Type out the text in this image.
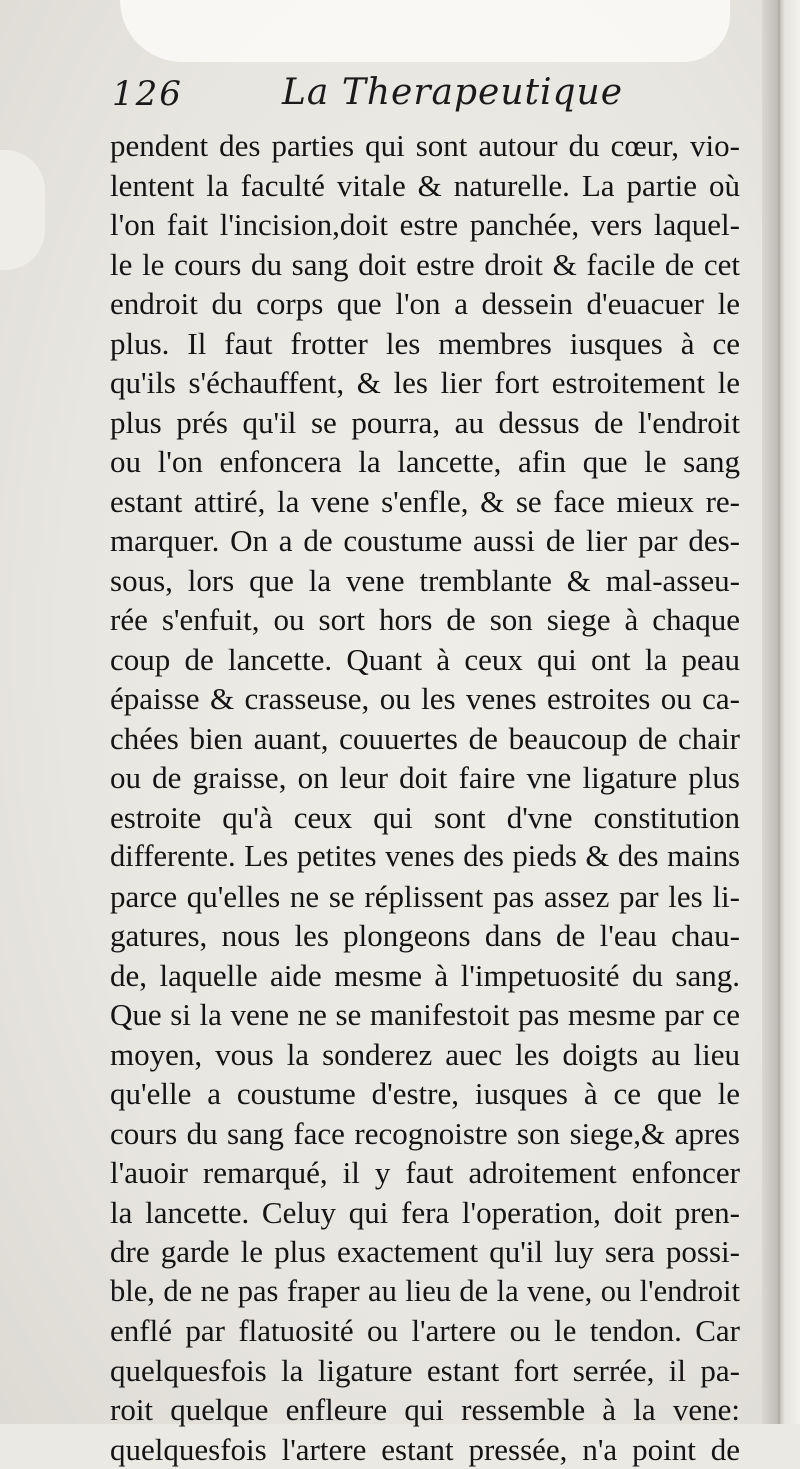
126	La Therapeutique
pendent des parties qui sont autour du cœur, vio-
lentent la faculté vitale & naturelle. La partie où
l'on fait l'incision,doit estre panchée, vers laquel-
le le cours du sang doit estre droit & facile de cet
endroit du corps que l'on a dessein d'euacuer le
plus. Il faut frotter les membres iusques à ce
qu'ils s'échauffent, & les lier fort estroitement le
plus prés qu'il se pourra, au dessus de l'endroit
ou l'on enfoncera la lancette, afin que le sang
estant attiré, la vene s'enfle, & se face mieux re-
marquer. On a de coustume aussi de lier par des-
sous, lors que la vene tremblante & mal-asseu-
rée s'enfuit, ou sort hors de son siege à chaque
coup de lancette. Quant à ceux qui ont la peau
épaisse & crasseuse, ou les venes estroites ou ca-
chées bien auant, couuertes de beaucoup de chair
ou de graisse, on leur doit faire vne ligature plus
estroite qu'à ceux qui sont d'vne constitution
differente. Les petites venes des pieds & des mains
parce qu'elles ne se réplissent pas assez par les li-
gatures, nous les plongeons dans de l'eau chau-
de, laquelle aide mesme à l'impetuosité du sang.
Que si la vene ne se manifestoit pas mesme par ce
moyen, vous la sonderez auec les doigts au lieu
qu'elle a coustume d'estre, iusques à ce que le
cours du sang face recognoistre son siege,& apres
l'auoir remarqué, il y faut adroitement enfoncer
la lancette. Celuy qui fera l'operation, doit pren-
dre garde le plus exactement qu'il luy sera possi-
ble, de ne pas fraper au lieu de la vene, ou l'endroit
enflé par flatuosité ou l'artere ou le tendon. Car
quelquesfois la ligature estant fort serrée, il pa-
roit quelque enfleure qui ressemble à la vene:
quelquesfois l'artere estant pressée, n'a point de
